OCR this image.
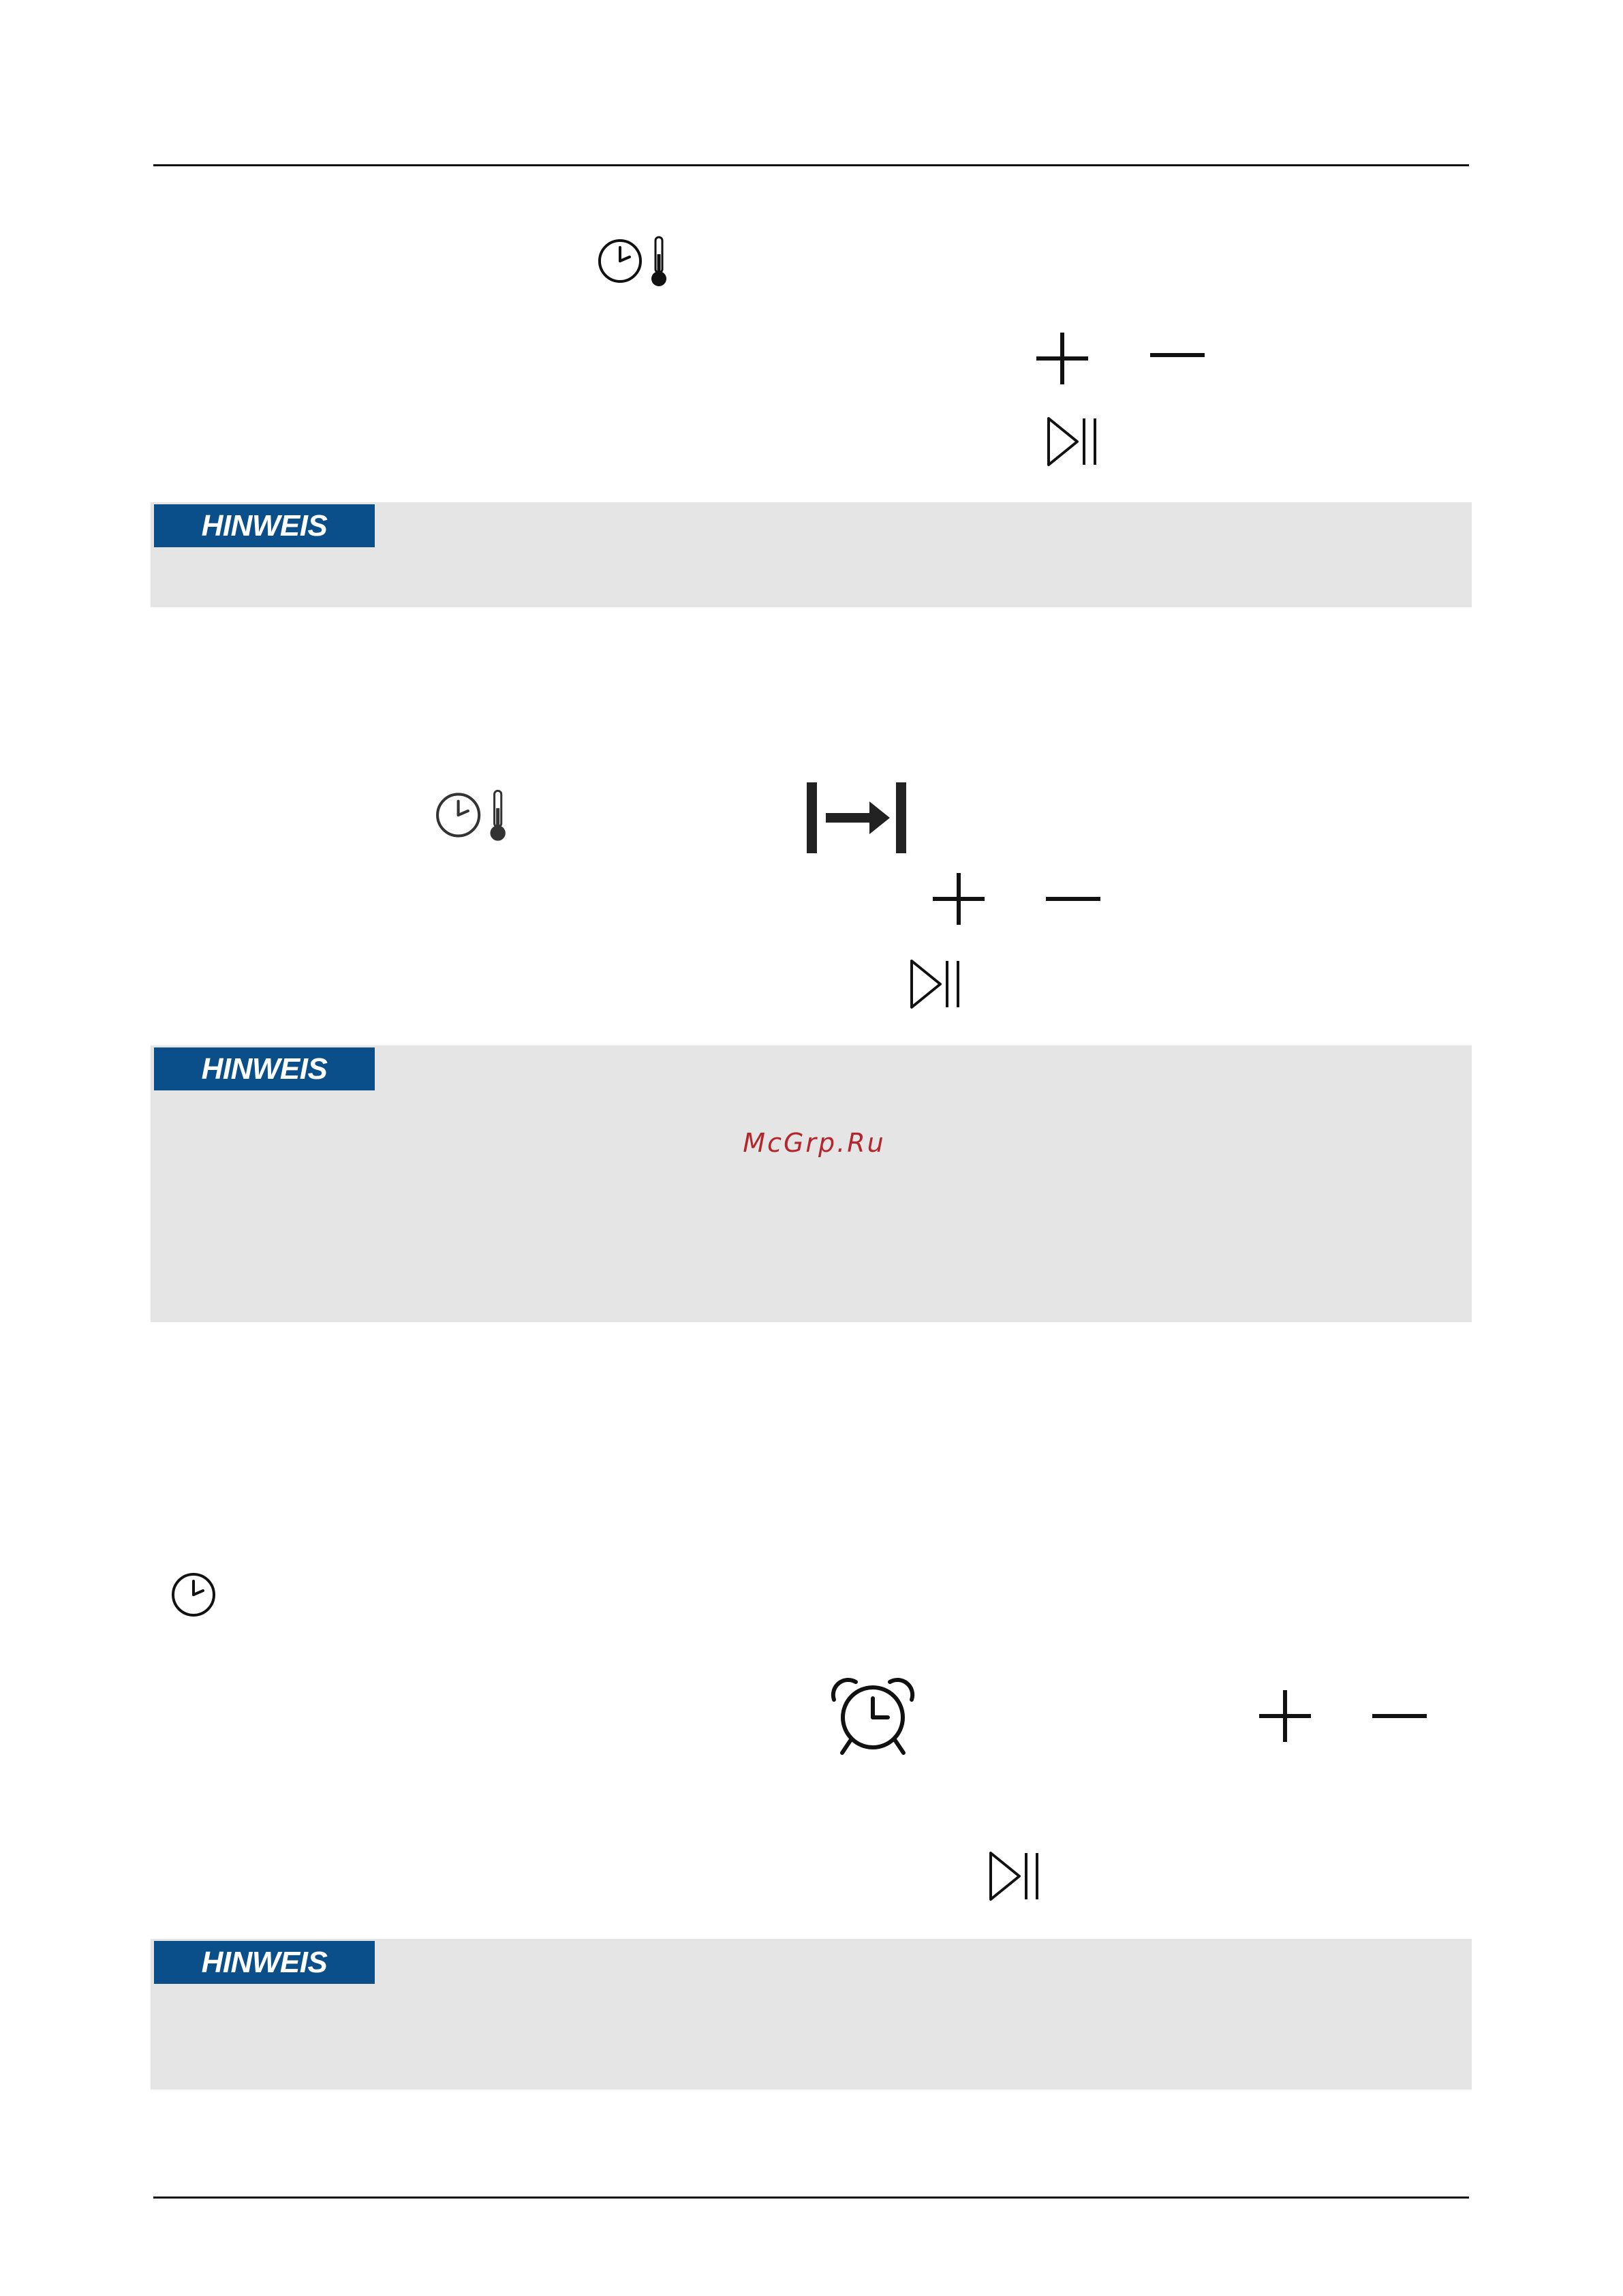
HINWEIS
HINWEIS
McGrp.Ru
HINWEIS
